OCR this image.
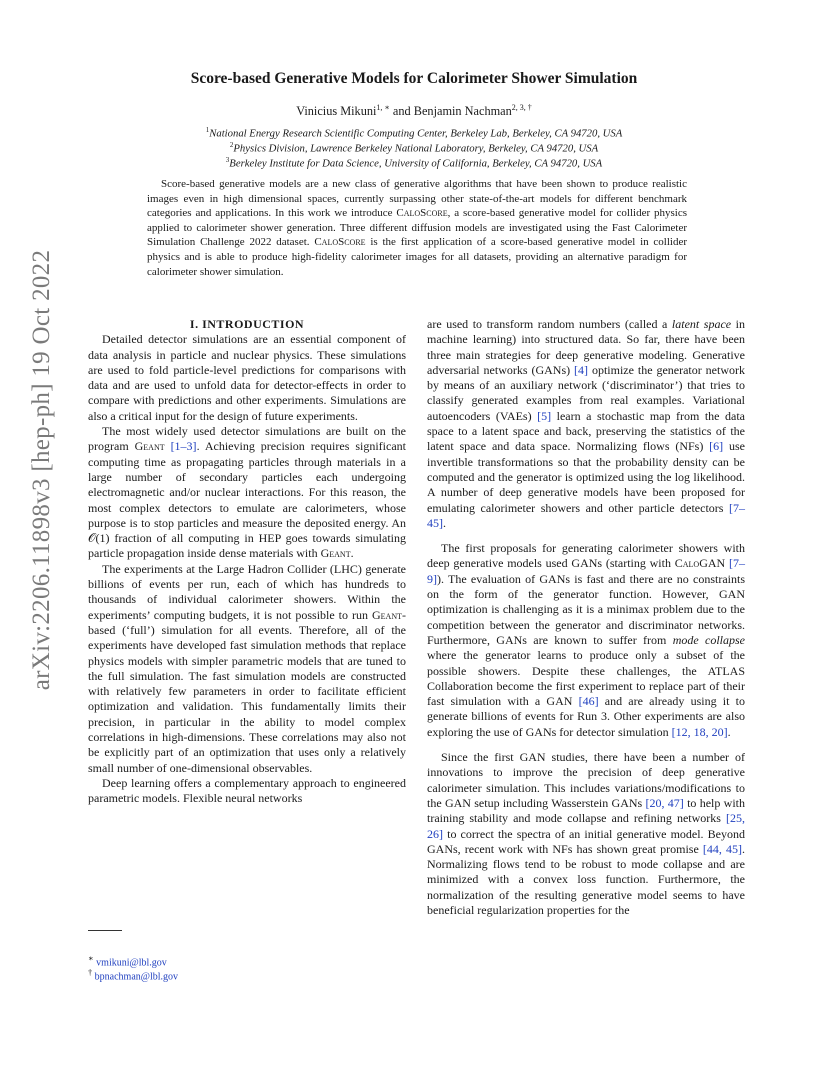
arXiv:2206.11898v3 [hep-ph] 19 Oct 2022
Score-based Generative Models for Calorimeter Shower Simulation
Vinicius Mikuni$^{1, ∗}$ and Benjamin Nachman$^{2, 3, \dagger}$
$^1$National Energy Research Scientific Computing Center, Berkeley Lab, Berkeley, CA 94720, USA
$^2$Physics Division, Lawrence Berkeley National Laboratory, Berkeley, CA 94720, USA
$^3$Berkeley Institute for Data Science, University of California, Berkeley, CA 94720, USA
Score-based generative models are a new class of generative algorithms that have been shown to produce realistic images even in high dimensional spaces, currently surpassing other state-of-the-art models for different benchmark categories and applications. In this work we introduce CaloScore, a score-based generative model for collider physics applied to calorimeter shower generation. Three different diffusion models are investigated using the Fast Calorimeter Simulation Challenge 2022 dataset. CaloScore is the first application of a score-based generative model in collider physics and is able to produce high-fidelity calorimeter images for all datasets, providing an alternative paradigm for calorimeter shower simulation.

I. INTRODUCTION

Detailed detector simulations are an essential component of data analysis in particle and nuclear physics. These simulations are used to fold particle-level predictions for comparisons with data and are used to unfold data for detector-effects in order to compare with predictions and other experiments. Simulations are also a critical input for the design of future experiments.

The most widely used detector simulations are built on the program Geant [1–3]. Achieving precision requires significant computing time as propagating particles through materials in a large number of secondary particles each undergoing electromagnetic and/or nuclear interactions. For this reason, the most complex detectors to emulate are calorimeters, whose purpose is to stop particles and measure the deposited energy. An 𝒪(1) fraction of all computing in HEP goes towards simulating particle propagation inside dense materials with Geant.

The experiments at the Large Hadron Collider (LHC) generate billions of events per run, each of which has hundreds to thousands of individual calorimeter showers. Within the experiments’ computing budgets, it is not possible to run Geant-based (‘full’) simulation for all events. Therefore, all of the experiments have developed fast simulation methods that replace physics models with simpler parametric models that are tuned to the full simulation. The fast simulation models are constructed with relatively few parameters in order to facilitate efficient optimization and validation. This fundamentally limits their precision, in particular in the ability to model complex correlations in high-dimensions. These correlations may also not be explicitly part of an optimization that uses only a relatively small number of one-dimensional observables.

Deep learning offers a complementary approach to engineered parametric models. Flexible neural networks

are used to transform random numbers (called a latent space in machine learning) into structured data. So far, there have been three main strategies for deep generative modeling. Generative adversarial networks (GANs) [4] optimize the generator network by means of an auxiliary network (‘discriminator’) that tries to classify generated examples from real examples. Variational autoencoders (VAEs) [5] learn a stochastic map from the data space to a latent space and back, preserving the statistics of the latent space and data space. Normalizing flows (NFs) [6] use invertible transformations so that the probability density can be computed and the generator is optimized using the log likelihood. A number of deep generative models have been proposed for emulating calorimeter showers and other particle detectors [7–45].

The first proposals for generating calorimeter showers with deep generative models used GANs (starting with CaloGAN [7–9]). The evaluation of GANs is fast and there are no constraints on the form of the generator function. However, GAN optimization is challenging as it is a minimax problem due to the competition between the generator and discriminator networks. Furthermore, GANs are known to suffer from mode collapse where the generator learns to produce only a subset of the possible showers. Despite these challenges, the ATLAS Collaboration become the first experiment to replace part of their fast simulation with a GAN [46] and are already using it to generate billions of events for Run 3. Other experiments are also exploring the use of GANs for detector simulation [12, 18, 20].

Since the first GAN studies, there have been a number of innovations to improve the precision of deep generative calorimeter simulation. This includes variations/modifications to the GAN setup including Wasserstein GANs [20, 47] to help with training stability and mode collapse and refining networks [25, 26] to correct the spectra of an initial generative model. Beyond GANs, recent work with NFs has shown great promise [44, 45]. Normalizing flows tend to be robust to mode collapse and are minimized with a convex loss function. Furthermore, the normalization of the resulting generative model seems to have beneficial regularization properties for the

∗ vmikuni@lbl.gov
† bpnachman@lbl.gov
